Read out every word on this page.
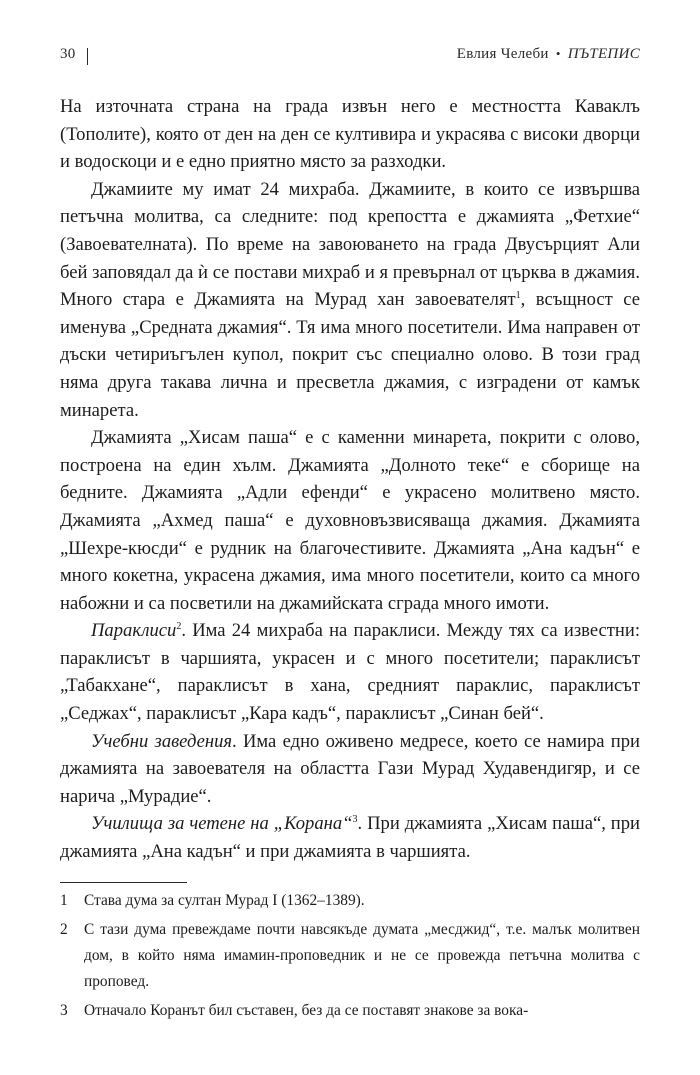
30	Евлия Челеби • ПЪТЕПИС

На източната страна на града извън него е местността Каваклъ (Тополите), която от ден на ден се култивира и украсява с високи дворци и водоскоци и е едно приятно място за разходки.

Джамиите му имат 24 михраба. Джамиите, в които се извършва петъчна молитва, са следните: под крепостта е джамията „Фетхие“ (Завоевателната). По време на завоюването на града Двусърцият Али бей заповядал да ѝ се постави михраб и я превърнал от църква в джамия. Много стара е Джамията на Мурад хан завоевателят$^1$, всъщност се именува „Средната джамия“. Тя има много посетители. Има направен от дъски четириъгълен купол, покрит със специално олово. В този град няма друга такава лична и пресветла джамия, с изградени от камък минарета.

Джамията „Хисам паша“ е с каменни минарета, покрити с олово, построена на един хълм. Джамията „Долното теке“ е сборище на бедните. Джамията „Адли ефенди“ е украсено молитвено място. Джамията „Ахмед паша“ е духовновъзвисяваща джамия. Джамията „Шехре-кюсди“ е рудник на благочестивите. Джамията „Ана кадън“ е много кокетна, украсена джамия, има много посетители, които са много набожни и са посветили на джамийската сграда много имоти.

Параклиси$^2$. Има 24 михраба на параклиси. Между тях са известни: параклисът в чаршията, украсен и с много посетители; параклисът „Табакхане“, параклисът в хана, средният параклис, параклисът „Седжах“, параклисът „Кара кадъ“, параклисът „Синан бей“.

Учебни заведения. Има едно оживено медресе, което се намира при джамията на завоевателя на областта Гази Мурад Худавендигяр, и се нарича „Мурадие“.

Училища за четене на „Корана“$^3$. При джамията „Хисам паша“, при джамията „Ана кадън“ и при джамията в чаршията.

1	Става дума за султан Мурад I (1362–1389).
2	С тази дума превеждаме почти навсякъде думата „месджид“, т.е. малък молитвен дом, в който няма имамин-проповедник и не се провежда петъчна молитва с проповед.
3	Отначало Коранът бил съставен, без да се поставят знакове за вока-
